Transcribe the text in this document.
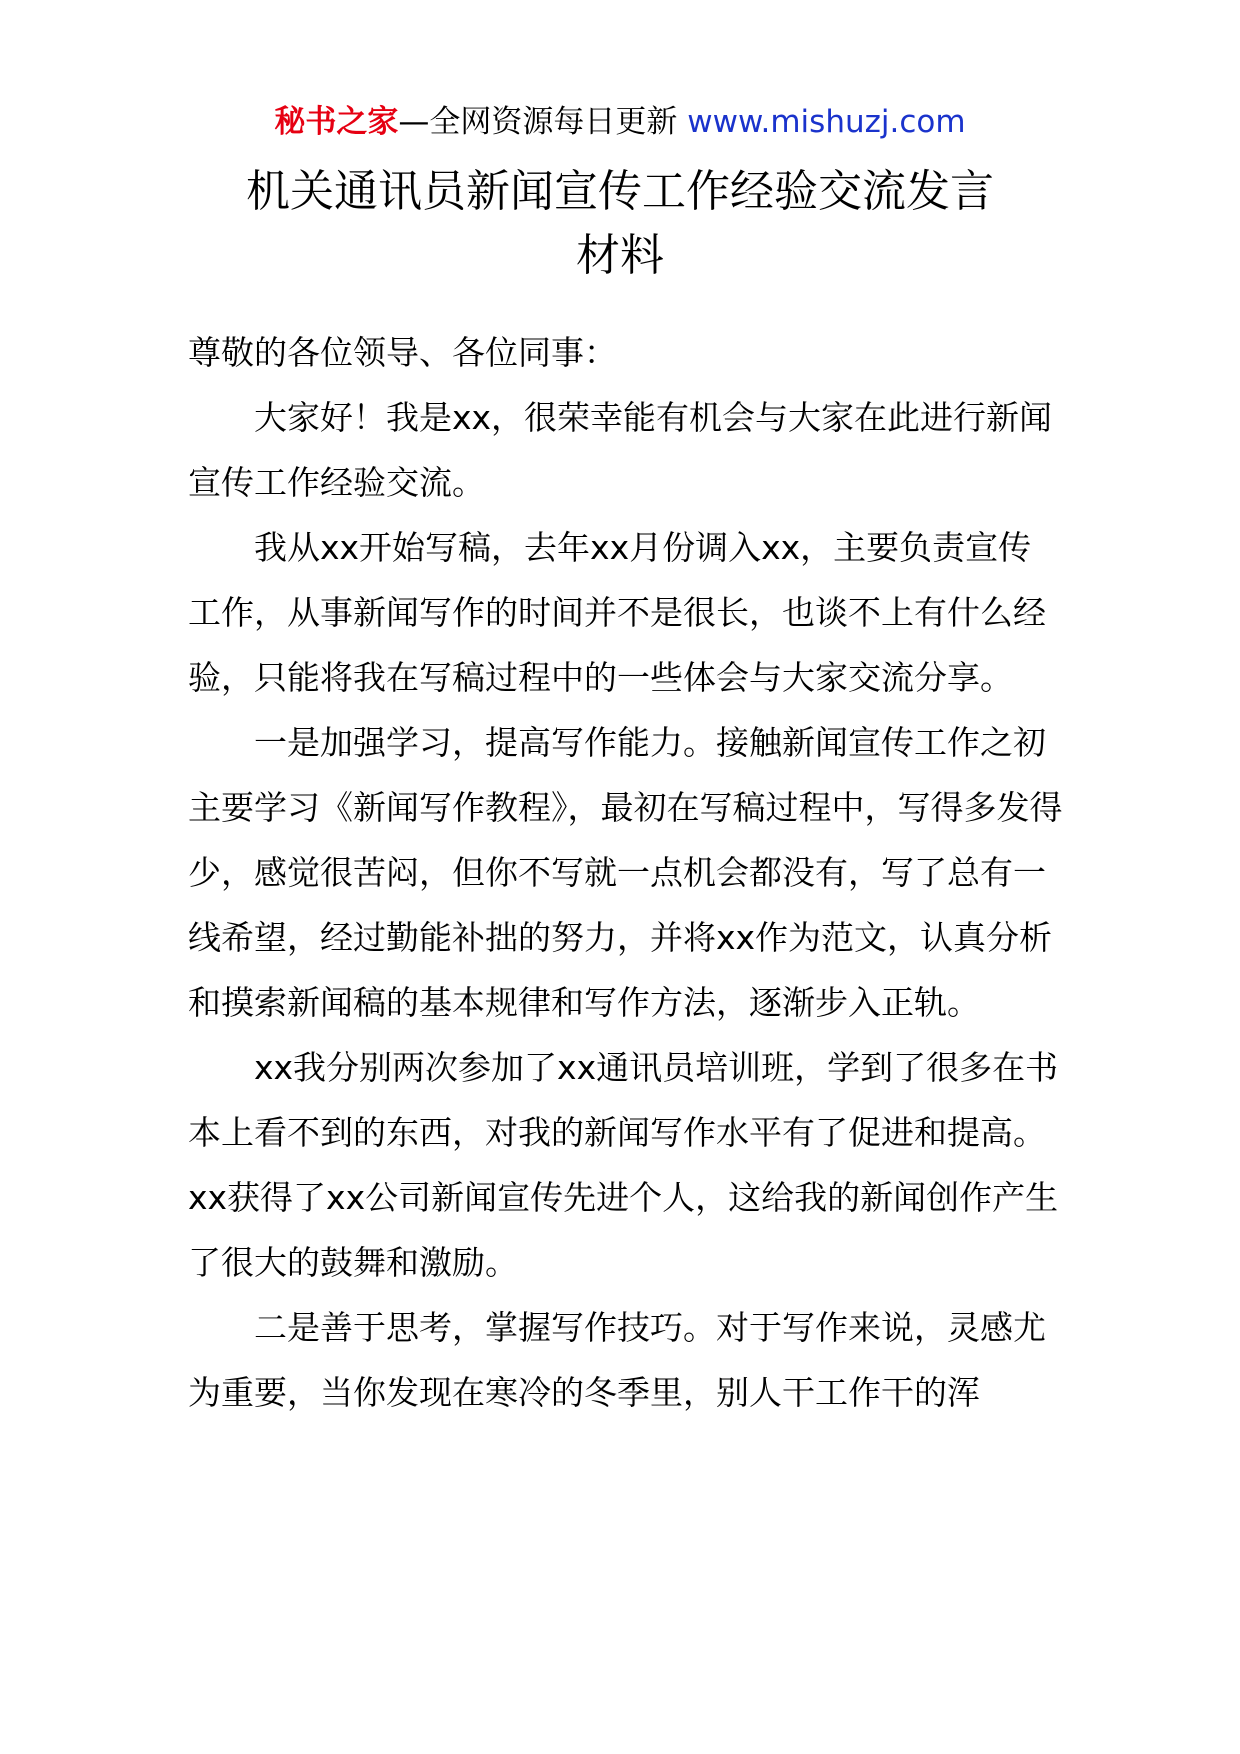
秘书之家—全网资源每日更新 www.mishuzj.com
机关通讯员新闻宣传工作经验交流发言
材料

尊敬的各位领导、各位同事：

大家好！我是xx，很荣幸能有机会与大家在此进行新闻宣传工作经验交流。

我从xx开始写稿，去年xx月份调入xx，主要负责宣传工作，从事新闻写作的时间并不是很长，也谈不上有什么经验，只能将我在写稿过程中的一些体会与大家交流分享。

一是加强学习，提高写作能力。接触新闻宣传工作之初主要学习《新闻写作教程》，最初在写稿过程中，写得多发得少，感觉很苦闷，但你不写就一点机会都没有，写了总有一线希望，经过勤能补拙的努力，并将xx作为范文，认真分析和摸索新闻稿的基本规律和写作方法，逐渐步入正轨。

xx我分别两次参加了xx通讯员培训班，学到了很多在书本上看不到的东西，对我的新闻写作水平有了促进和提高。xx获得了xx公司新闻宣传先进个人，这给我的新闻创作产生了很大的鼓舞和激励。

二是善于思考，掌握写作技巧。对于写作来说，灵感尤为重要，当你发现在寒冷的冬季里，别人干工作干的浑
